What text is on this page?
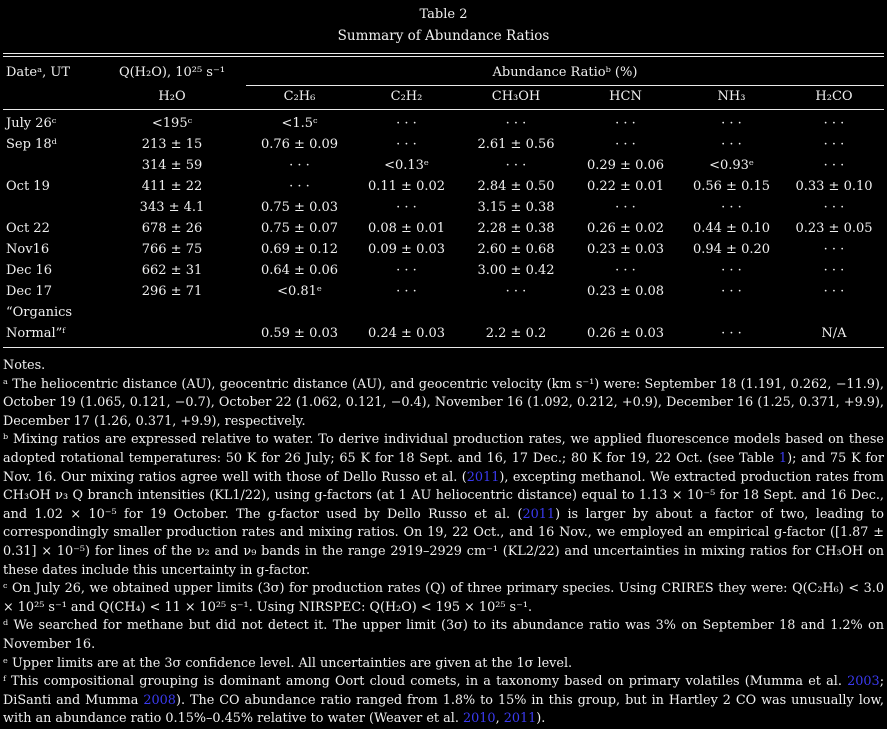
Table 2
Summary of Abundance Ratios
Dateᵃ, UT	Q(H₂O), 10²⁵ s⁻¹	Abundance Ratioᵇ (%)					
	H₂O	C₂H₆	C₂H₂	CH₃OH	HCN	NH₃	H₂CO
July 26ᶜ	<195ᶜ	<1.5ᶜ	· · ·	· · ·	· · ·	· · ·	· · ·
Sep 18ᵈ	213 ± 15	0.76 ± 0.09	· · ·	2.61 ± 0.56	· · ·	· · ·	· · ·
	314 ± 59	· · ·	<0.13ᵉ	· · ·	0.29 ± 0.06	<0.93ᵉ	· · ·
Oct 19	411 ± 22	· · ·	0.11 ± 0.02	2.84 ± 0.50	0.22 ± 0.01	0.56 ± 0.15	0.33 ± 0.10
	343 ± 4.1	0.75 ± 0.03	· · ·	3.15 ± 0.38	· · ·	· · ·	· · ·
Oct 22	678 ± 26	0.75 ± 0.07	0.08 ± 0.01	2.28 ± 0.38	0.26 ± 0.02	0.44 ± 0.10	0.23 ± 0.05
Nov16	766 ± 75	0.69 ± 0.12	0.09 ± 0.03	2.60 ± 0.68	0.23 ± 0.03	0.94 ± 0.20	· · ·
Dec 16	662 ± 31	0.64 ± 0.06	· · ·	3.00 ± 0.42	· · ·	· · ·	· · ·
Dec 17	296 ± 71	<0.81ᵉ	· · ·	· · ·	0.23 ± 0.08	· · ·	· · ·
“Organics							
Normal”ᶠ		0.59 ± 0.03	0.24 ± 0.03	2.2 ± 0.2	0.26 ± 0.03	· · ·	N/A

Notes.

ᵃ The heliocentric distance (AU), geocentric distance (AU), and geocentric velocity (km s⁻¹) were: September 18 (1.191, 0.262, −11.9), October 19 (1.065, 0.121, −0.7), October 22 (1.062, 0.121, −0.4), November 16 (1.092, 0.212, +0.9), December 16 (1.25, 0.371, +9.9), December 17 (1.26, 0.371, +9.9), respectively.

ᵇ Mixing ratios are expressed relative to water. To derive individual production rates, we applied fluorescence models based on these adopted rotational temperatures: 50 K for 26 July; 65 K for 18 Sept. and 16, 17 Dec.; 80 K for 19, 22 Oct. (see Table 1); and 75 K for Nov. 16. Our mixing ratios agree well with those of Dello Russo et al. (2011), excepting methanol. We extracted production rates from CH₃OH ν₃ Q branch intensities (KL1/22), using g-factors (at 1 AU heliocentric distance) equal to 1.13 × 10⁻⁵ for 18 Sept. and 16 Dec., and 1.02 × 10⁻⁵ for 19 October. The g-factor used by Dello Russo et al. (2011) is larger by about a factor of two, leading to correspondingly smaller production rates and mixing ratios. On 19, 22 Oct., and 16 Nov., we employed an empirical g-factor ([1.87 ± 0.31] × 10⁻⁵) for lines of the ν₂ and ν₉ bands in the range 2919–2929 cm⁻¹ (KL2/22) and uncertainties in mixing ratios for CH₃OH on these dates include this uncertainty in g-factor.

ᶜ On July 26, we obtained upper limits (3σ) for production rates (Q) of three primary species. Using CRIRES they were: Q(C₂H₆) < 3.0 × 10²⁵ s⁻¹ and Q(CH₄) < 11 × 10²⁵ s⁻¹. Using NIRSPEC: Q(H₂O) < 195 × 10²⁵ s⁻¹.

ᵈ We searched for methane but did not detect it. The upper limit (3σ) to its abundance ratio was 3% on September 18 and 1.2% on November 16.

ᵉ Upper limits are at the 3σ confidence level. All uncertainties are given at the 1σ level.

ᶠ This compositional grouping is dominant among Oort cloud comets, in a taxonomy based on primary volatiles (Mumma et al. 2003; DiSanti and Mumma 2008). The CO abundance ratio ranged from 1.8% to 15% in this group, but in Hartley 2 CO was unusually low, with an abundance ratio 0.15%–0.45% relative to water (Weaver et al. 2010, 2011).
